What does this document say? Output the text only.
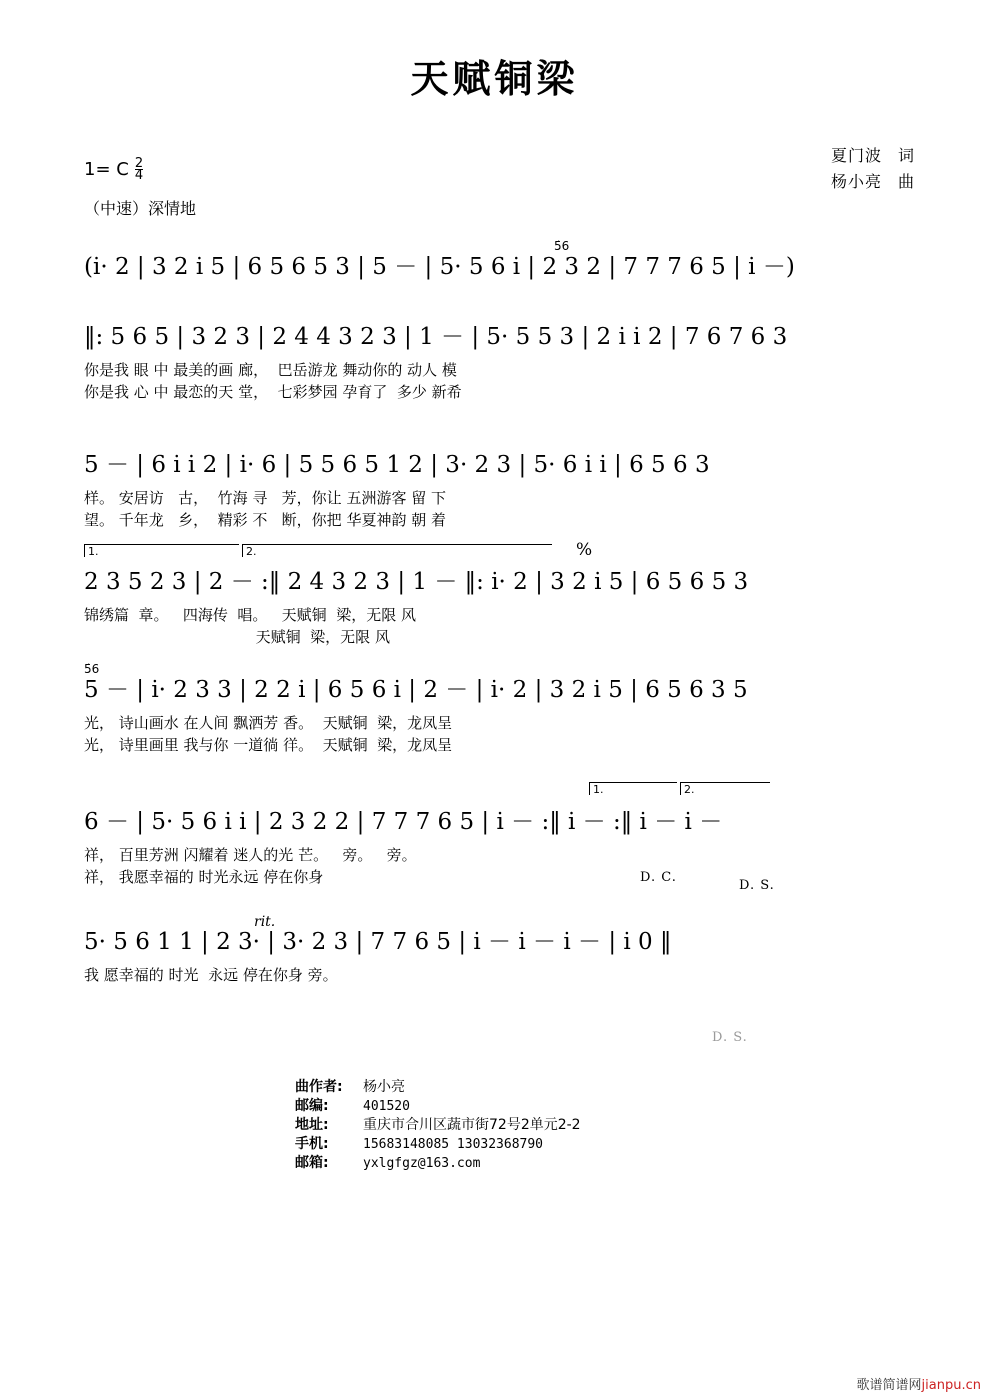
天赋铜梁
夏门波 词
杨小亮 曲
1= C $\frac{2}{4}$
（中速）深情地
(i· 2 | 3 2 i 5 | 6 5 6 5 3 | 5 － | 5· 5 6 i | 2 3 2 | 7 7 7 6 5 | i －)
5̇6
‖: 5 6 5 | 3 2 3 | 2 4 4 3 2 3 | 1 － | 5· 5 5 3 | 2 i i 2 | 7 6 7 6 3
你是我 眼 中 最美的画 廊，  巴岳游龙 舞动你的 动人 模
你是我 心 中 最恋的天 堂，  七彩梦园 孕育了  多少 新希
5 － | 6 i i 2 | i· 6 | 5 5 6 5 1 2 | 3· 2 3 | 5· 6 i i | 6 5 6 3
样。 安居访   古，  竹海 寻   芳，你让 五洲游客 留 下
望。 千年龙   乡，  精彩 不   断，你把 华夏神韵 朝 着
1.	2.	%
2 3 5 2 3 | 2 － :‖ 2 4 3 2 3 | 1 － ‖: i· 2 | 3 2 i 5 | 6 5 6 5 3
锦绣篇  章。   四海传  唱。   天赋铜  梁，无限 风
天赋铜  梁，无限 风
5̇6
5 － | i· 2 3 3 | 2 2 i | 6 5 6 i | 2 － | i· 2 | 3 2 i 5 | 6 5 6 3 5
光， 诗山画水 在人间 飘洒芳 香。  天赋铜  梁，龙凤呈
光， 诗里画里 我与你 一道徜 徉。  天赋铜  梁，龙凤呈
1.	2.
6 － | 5· 5 6 i i | 2 3 2 2 | 7 7 7 6 5 | i － :‖ i － :‖ i － i －
祥， 百里芳洲 闪耀着 迷人的光 芒。   旁。   旁。
祥， 我愿幸福的 时光永远 停在你身	D. C.
D. S.
rit.
5· 5 6 1 1 | 2 3· | 3· 2 3 | 7 7 6 5 | i － i － i － | i 0 ‖
我 愿幸福的 时光  永远 停在你身 旁。
D. S.
曲作者:	杨小亮
邮编:	401520
地址:	重庆市合川区蔬市街72号2单元2-2
手机:	15683148085 13032368790
邮箱:	yxlgfgz@163.com
歌谱简谱网jianpu.cn
